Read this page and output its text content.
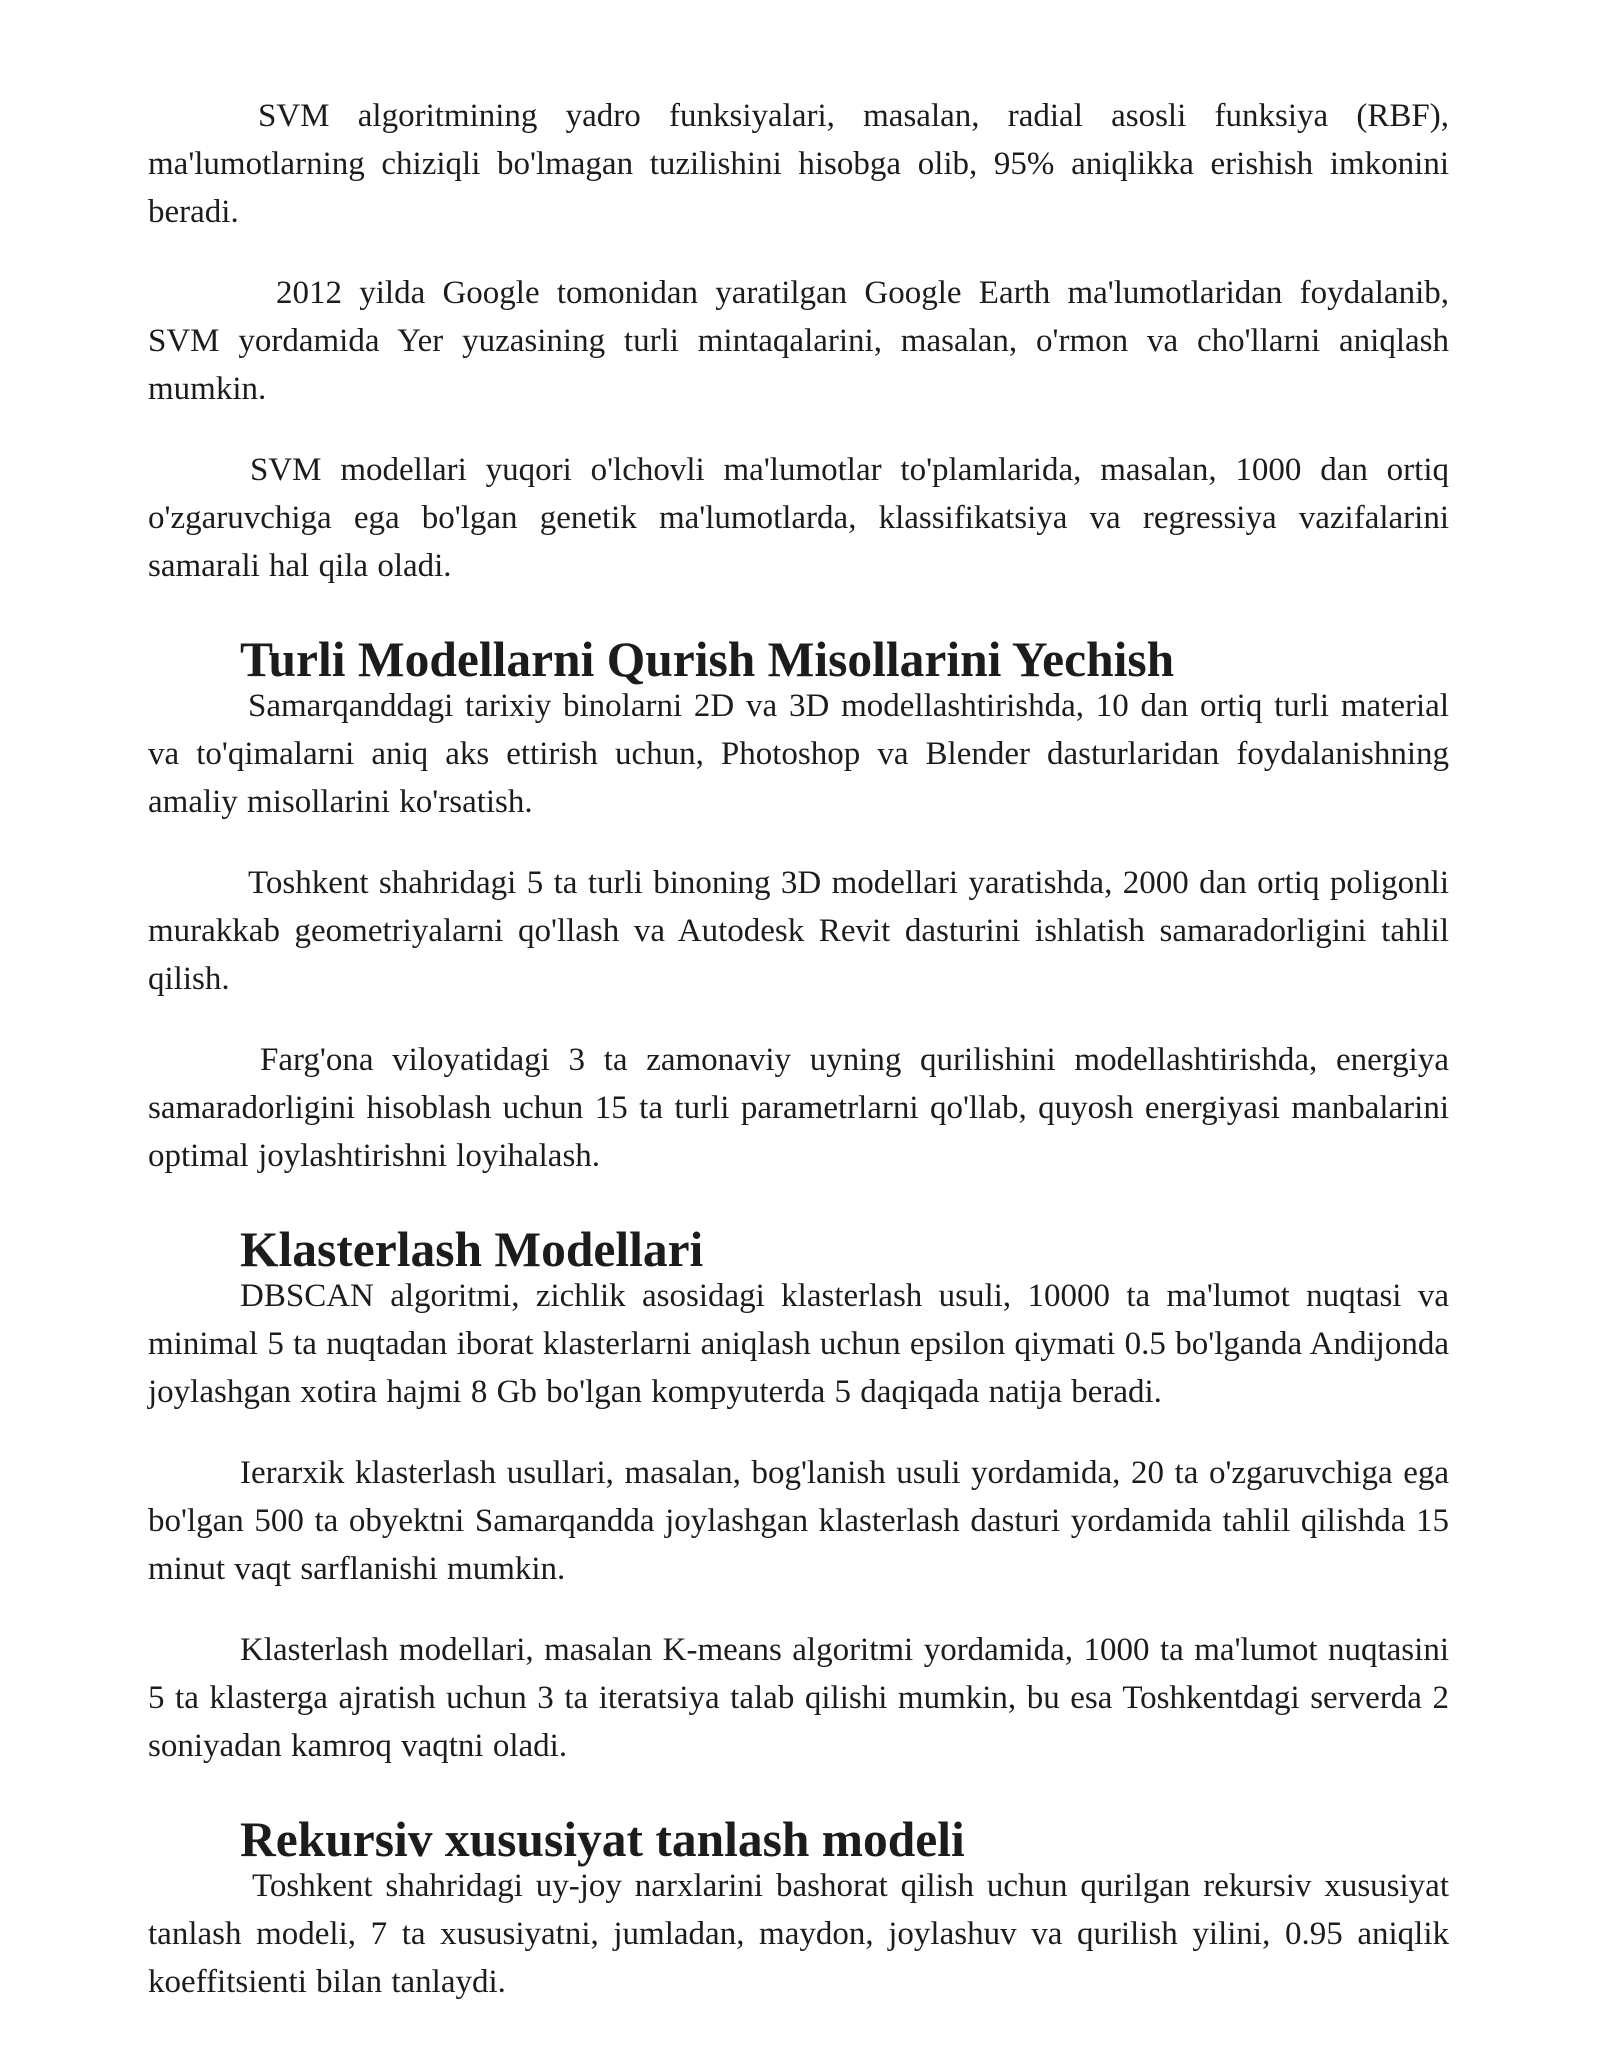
SVM algoritmining yadro funksiyalari, masalan, radial asosli funksiya (RBF), ma'lumotlarning chiziqli bo'lmagan tuzilishini hisobga olib, 95% aniqlikka erishish imkonini beradi.

2012 yilda Google tomonidan yaratilgan Google Earth ma'lumotlaridan foydalanib, SVM yordamida Yer yuzasining turli mintaqalarini, masalan, o'rmon va cho'llarni aniqlash mumkin.

SVM modellari yuqori o'lchovli ma'lumotlar to'plamlarida, masalan, 1000 dan ortiq o'zgaruvchiga ega bo'lgan genetik ma'lumotlarda, klassifikatsiya va regressiya vazifalarini samarali hal qila oladi.

Turli Modellarni Qurish Misollarini Yechish

Samarqanddagi tarixiy binolarni 2D va 3D modellashtirishda, 10 dan ortiq turli material va to'qimalarni aniq aks ettirish uchun, Photoshop va Blender dasturlaridan foydalanishning amaliy misollarini ko'rsatish.

Toshkent shahridagi 5 ta turli binoning 3D modellari yaratishda, 2000 dan ortiq poligonli murakkab geometriyalarni qo'llash va Autodesk Revit dasturini ishlatish samaradorligini tahlil qilish.

Farg'ona viloyatidagi 3 ta zamonaviy uyning qurilishini modellashtirishda, energiya samaradorligini hisoblash uchun 15 ta turli parametrlarni qo'llab, quyosh energiyasi manbalarini optimal joylashtirishni loyihalash.

Klasterlash Modellari

DBSCAN algoritmi, zichlik asosidagi klasterlash usuli, 10000 ta ma'lumot nuqtasi va minimal 5 ta nuqtadan iborat klasterlarni aniqlash uchun epsilon qiymati 0.5 bo'lganda Andijonda joylashgan xotira hajmi 8 Gb bo'lgan kompyuterda 5 daqiqada natija beradi.

Ierarxik klasterlash usullari, masalan, bog'lanish usuli yordamida, 20 ta o'zgaruvchiga ega bo'lgan 500 ta obyektni Samarqandda joylashgan klasterlash dasturi yordamida tahlil qilishda 15 minut vaqt sarflanishi mumkin.

Klasterlash modellari, masalan K-means algoritmi yordamida, 1000 ta ma'lumot nuqtasini 5 ta klasterga ajratish uchun 3 ta iteratsiya talab qilishi mumkin, bu esa Toshkentdagi serverda 2 soniyadan kamroq vaqtni oladi.

Rekursiv xususiyat tanlash modeli

Toshkent shahridagi uy-joy narxlarini bashorat qilish uchun qurilgan rekursiv xususiyat tanlash modeli, 7 ta xususiyatni, jumladan, maydon, joylashuv va qurilish yilini, 0.95 aniqlik koeffitsienti bilan tanlaydi.
